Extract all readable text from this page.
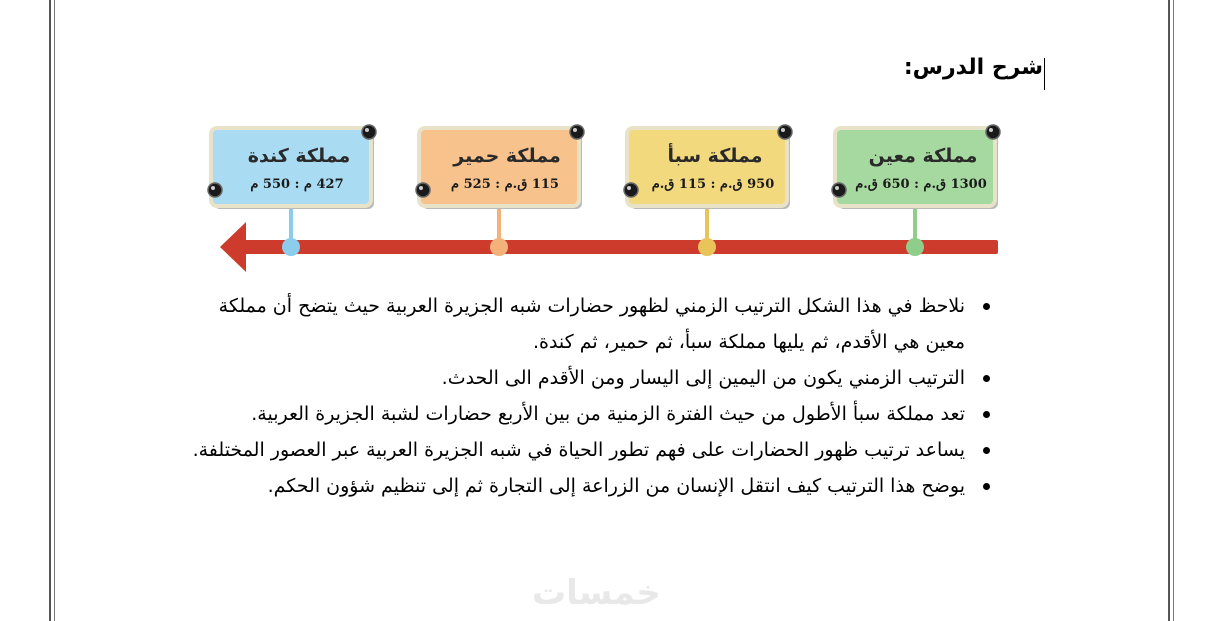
شرح الدرس:
مملكة معين
1300 ق.م : 650 ق.م
مملكة سبأ
950 ق.م : 115 ق.م
مملكة حمير
115 ق.م : 525 م
مملكة كندة
427 م : 550 م
نلاحظ في هذا الشكل الترتيب الزمني لظهور حضارات شبه الجزيرة العربية حيث يتضح أن مملكة معين هي الأقدم، ثم يليها مملكة سبأ، ثم حمير، ثم كندة.
الترتيب الزمني يكون من اليمين إلى اليسار ومن الأقدم الى الحدث.
تعد مملكة سبأ الأطول من حيث الفترة الزمنية من بين الأربع حضارات لشبة الجزيرة العربية.
يساعد ترتيب ظهور الحضارات على فهم تطور الحياة في شبه الجزيرة العربية عبر العصور المختلفة.
يوضح هذا الترتيب كيف انتقل الإنسان من الزراعة إلى التجارة ثم إلى تنظيم شؤون الحكم.
خمسات
